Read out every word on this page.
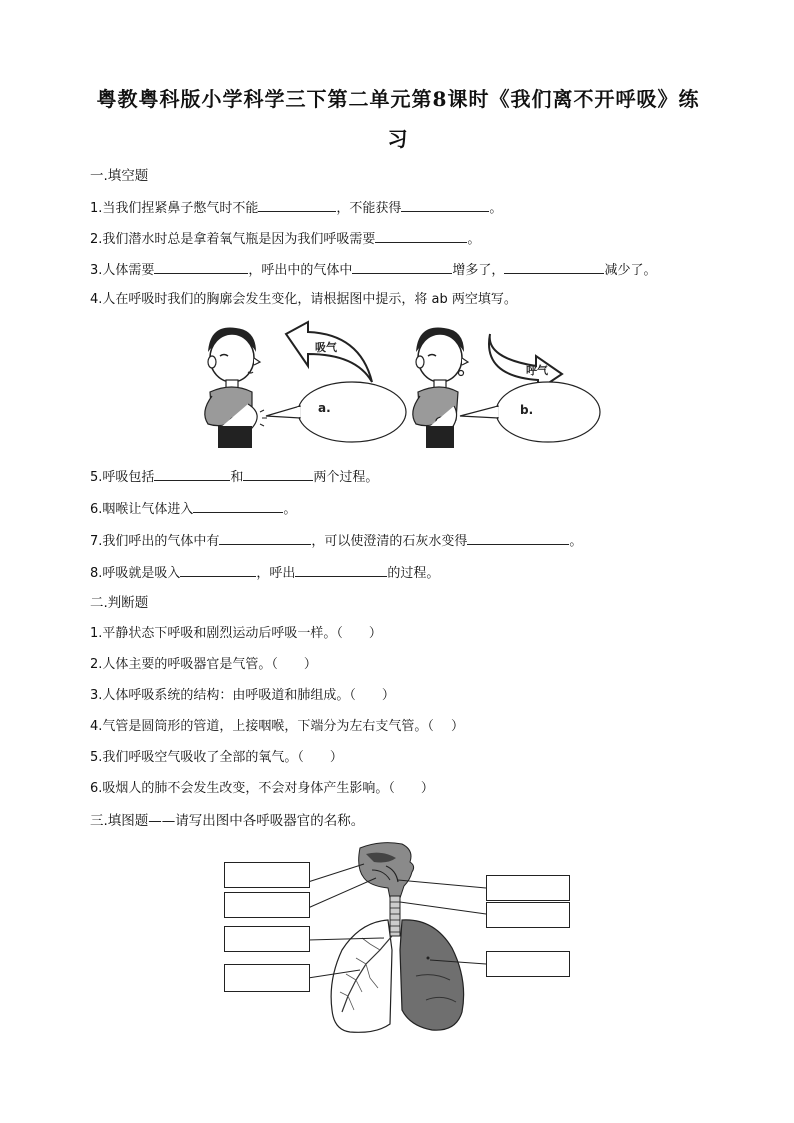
粤教粤科版小学科学三下第二单元第8课时《我们离不开呼吸》练
习
一.填空题
1.当我们捏紧鼻子憋气时不能	，不能获得	。
2.我们潜水时总是拿着氧气瓶是因为我们呼吸需要	。
3.人体需要	，呼出中的气体中	增多了，	减少了。
4.人在呼吸时我们的胸廓会发生变化，请根据图中提示，将 ab 两空填写。
吸气
a.
呼气
b.
5.呼吸包括	和	两个过程。
6.咽喉让气体进入	。
7.我们呼出的气体中有	，可以使澄清的石灰水变得	。
8.呼吸就是吸入	，呼出	的过程。
二.判断题
1.平静状态下呼吸和剧烈运动后呼吸一样。（　　）
2.人体主要的呼吸器官是气管。（　　）
3.人体呼吸系统的结构：由呼吸道和肺组成。（　　）
4.气管是圆筒形的管道，上接咽喉，下端分为左右支气管。（　 ）
5.我们呼吸空气吸收了全部的氧气。（　　）
6.吸烟人的肺不会发生改变，不会对身体产生影响。（　　）
三.填图题——请写出图中各呼吸器官的名称。
